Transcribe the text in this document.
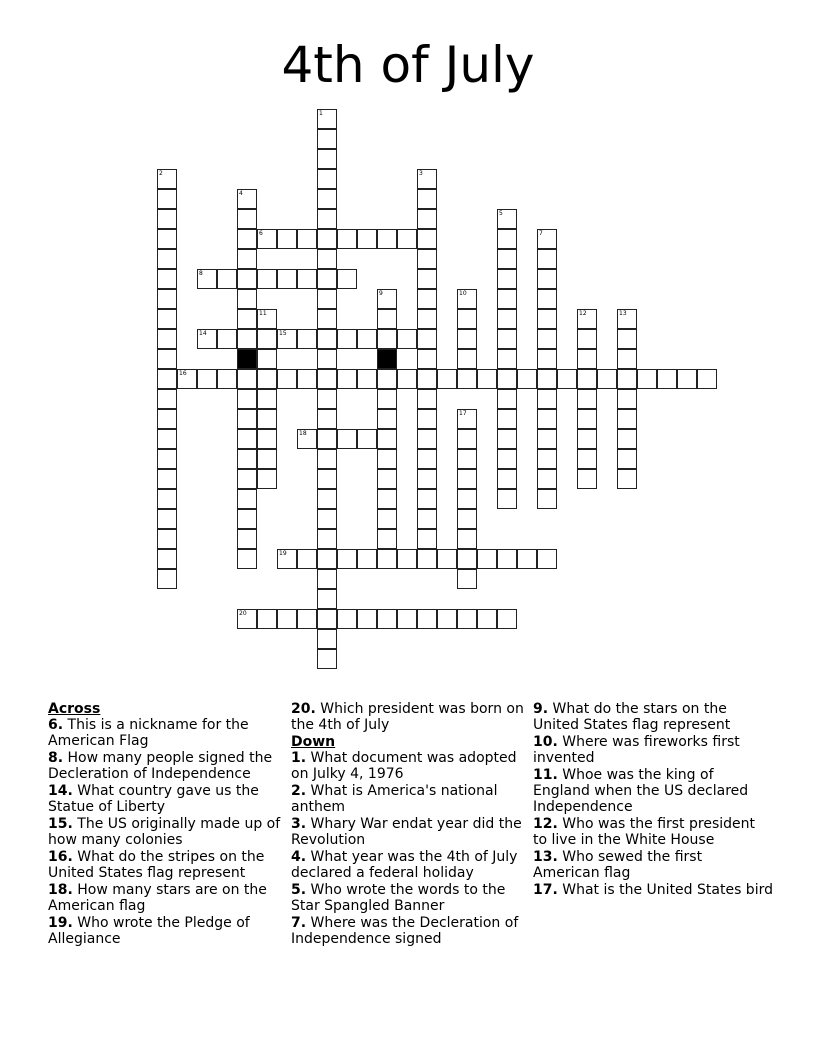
4th of July
1
2	3
4
5
6	7
8
9	10
11	12	13
14	15
16
17
18
19
20
Across
6. This is a nickname for the American Flag
8. How many people signed the Decleration of Independence
14. What country gave us the Statue of Liberty
15. The US originally made up of how many colonies
16. What do the stripes on the United States flag represent
18. How many stars are on the American flag
19. Who wrote the Pledge of Allegiance
20. Which president was born on the 4th of July
Down
1. What document was adopted on Julky 4, 1976
2. What is America's national anthem
3. Whary War endat year did the Revolution
4. What year was the 4th of July declared a federal holiday
5. Who wrote the words to the Star Spangled Banner
7. Where was the Decleration of Independence signed
9. What do the stars on the United States flag represent
10. Where was fireworks first invented
11. Whoe was the king of England when the US declared Independence
12. Who was the first president to live in the White House
13. Who sewed the first American flag
17. What is the United States bird
